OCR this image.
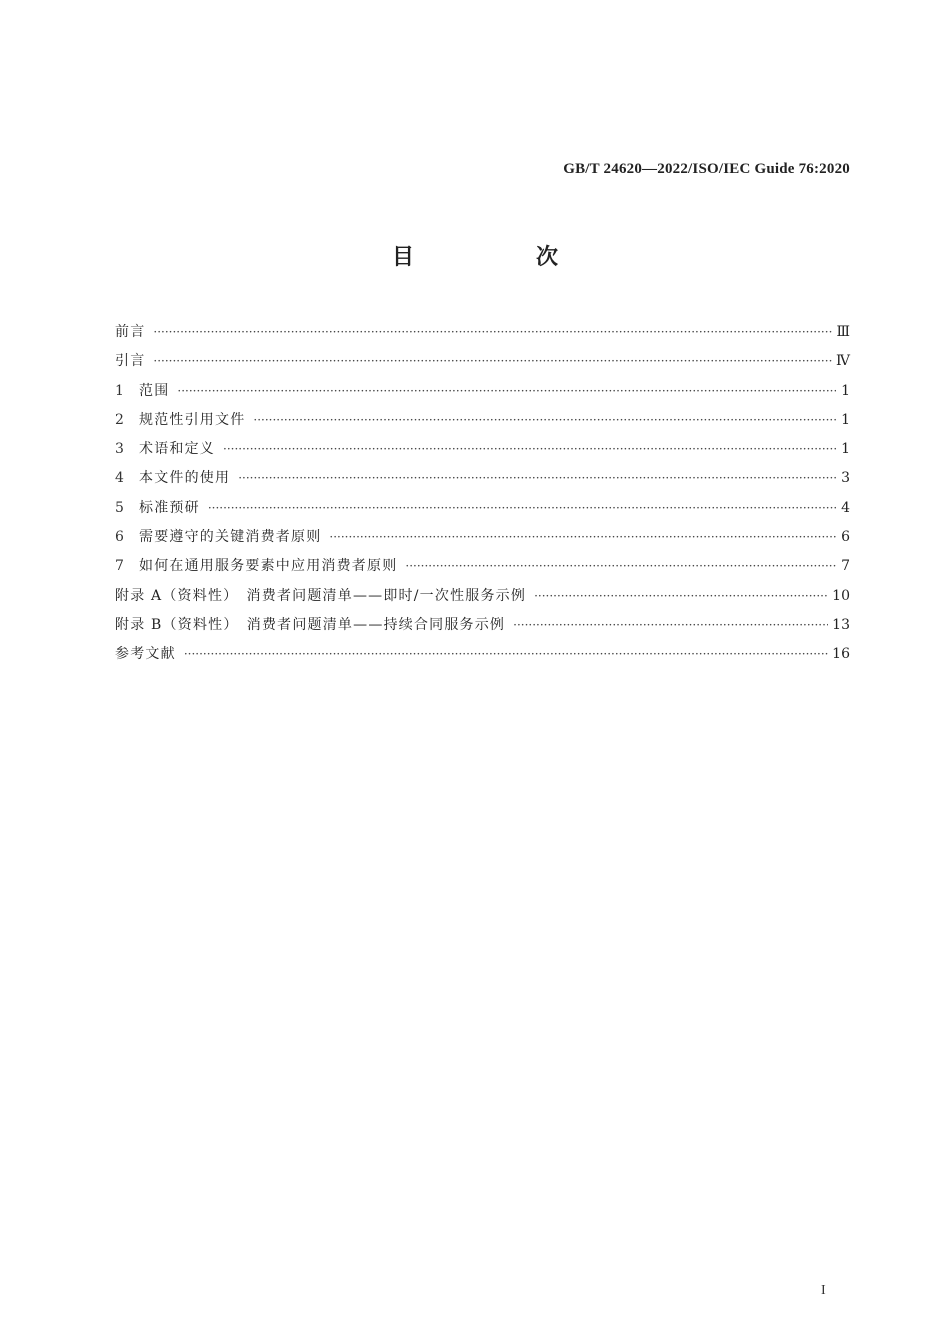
GB/T 24620—2022/ISO/IEC Guide 76:2020
目　次
前言 ·····	Ⅲ
引言 ·····	Ⅳ
1 范围 ·····	1
2 规范性引用文件 ·····	1
3 术语和定义 ·····	1
4 本文件的使用 ·····	3
5 标准预研 ·····	4
6 需要遵守的关键消费者原则 ·····	6
7 如何在通用服务要素中应用消费者原则 ·····	7
附录 A（资料性）　消费者问题清单——即时/一次性服务示例 ·····	10
附录 B（资料性）　消费者问题清单——持续合同服务示例 ·····	13
参考文献 ·····	16
I
